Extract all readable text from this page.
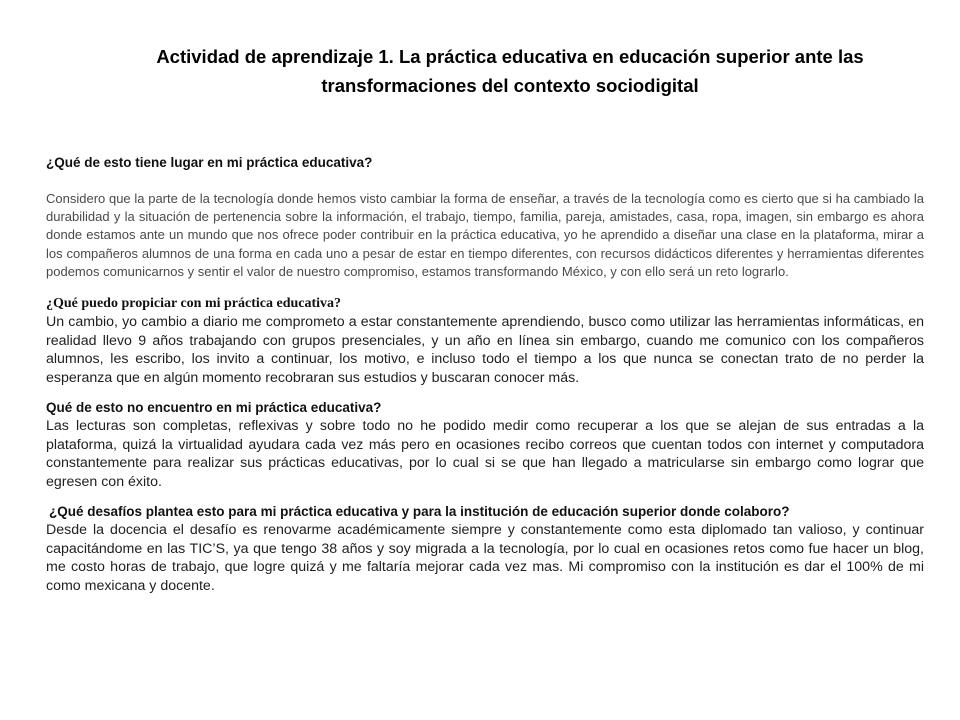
Actividad de aprendizaje 1. La práctica educativa en educación superior ante las transformaciones del contexto sociodigital

¿Qué de esto tiene lugar en mi práctica educativa?

Considero que la parte de la tecnología donde hemos visto cambiar la forma de enseñar, a través de la tecnología como es cierto que si ha cambiado la durabilidad y la situación de pertenencia sobre la información, el trabajo, tiempo, familia, pareja, amistades, casa, ropa, imagen, sin embargo es ahora donde estamos ante un mundo que nos ofrece poder contribuir en la práctica educativa, yo he aprendido a diseñar una clase en la plataforma, mirar a los compañeros alumnos de una forma en cada uno a pesar de estar en tiempo diferentes, con recursos didácticos diferentes y herramientas diferentes podemos comunicarnos y sentir el valor de nuestro compromiso, estamos transformando México, y con ello será un reto lograrlo.

¿Qué puedo propiciar con mi práctica educativa?

Un cambio, yo cambio a diario me comprometo a estar constantemente aprendiendo, busco como utilizar las herramientas informáticas, en realidad llevo 9 años trabajando con grupos presenciales, y un año en línea sin embargo, cuando me comunico con los compañeros alumnos, les escribo, los invito a continuar, los motivo, e incluso todo el tiempo a los que nunca se conectan trato de no perder la esperanza que en algún momento recobraran sus estudios y buscaran conocer más.

Qué de esto no encuentro en mi práctica educativa?

Las lecturas son completas, reflexivas y sobre todo no he podido medir como recuperar a los que se alejan de sus entradas a la plataforma, quizá la virtualidad ayudara cada vez más pero en ocasiones recibo correos que cuentan todos con internet y computadora constantemente para realizar sus prácticas educativas, por lo cual si se que han llegado a matricularse sin embargo como lograr que egresen con éxito.

¿Qué desafíos plantea esto para mi práctica educativa y para la institución de educación superior donde colaboro?

Desde la docencia el desafío es renovarme académicamente siempre y constantemente como esta diplomado tan valioso, y continuar capacitándome en las TIC’S, ya que tengo 38 años y soy migrada a la tecnología, por lo cual en ocasiones retos como fue hacer un blog, me costo horas de trabajo, que logre quizá y me faltaría mejorar cada vez mas. Mi compromiso con la institución es dar el 100% de mi como mexicana y docente.
